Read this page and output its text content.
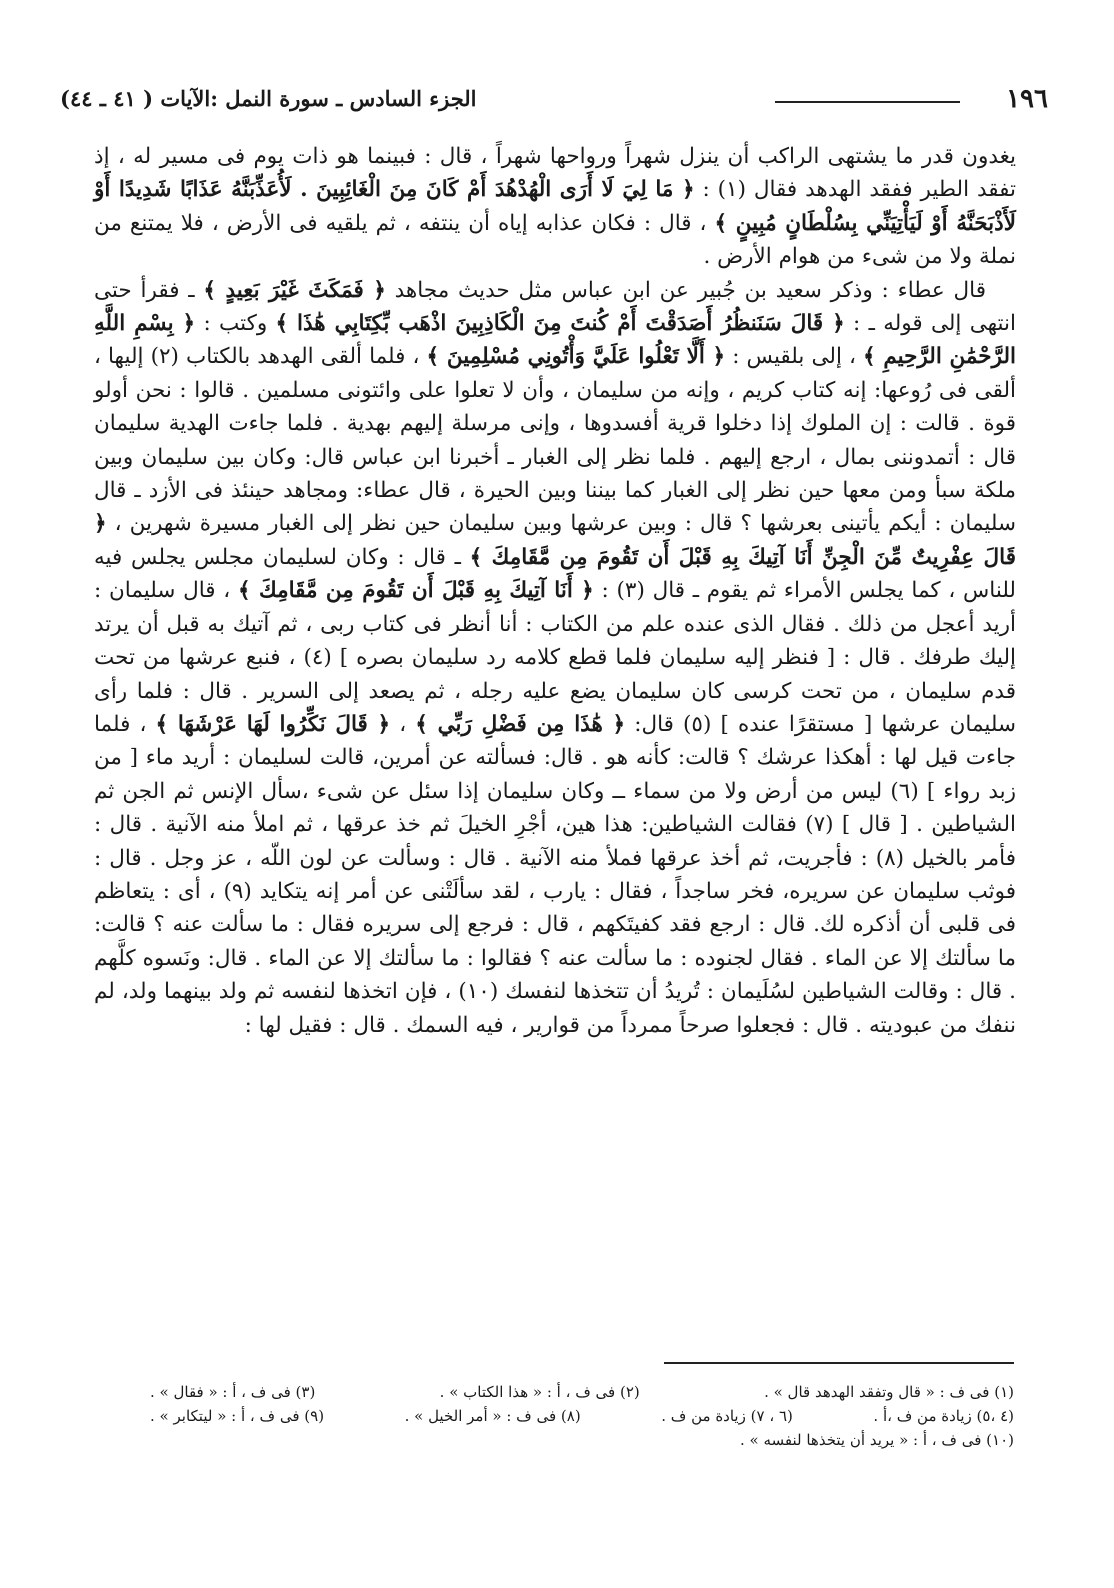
١٩٦
الجزء السادس ـ سورة النمل :الآيات ( ٤١ ـ ٤٤)

يغدون قدر ما يشتهى الراكب أن ينزل شهراً ورواحها شهراً ، قال : فبينما هو ذات يوم فى مسير له ، إذ تفقد الطير ففقد الهدهد فقال (١) : ﴿ مَا لِيَ لَا أَرَى الْهُدْهُدَ أَمْ كَانَ مِنَ الْغَائِبِينَ . لَأُعَذِّبَنَّهُ عَذَابًا شَدِيدًا أَوْ لَأَذْبَحَنَّهُ أَوْ لَيَأْتِيَنِّي بِسُلْطَانٍ مُبِينٍ ﴾ ، قال : فكان عذابه إياه أن ينتفه ، ثم يلقيه فى الأرض ، فلا يمتنع من نملة ولا من شىء من هوام الأرض .

قال عطاء : وذكر سعيد بن جُبير عن ابن عباس مثل حديث مجاهد ﴿ فَمَكَثَ غَيْرَ بَعِيدٍ ﴾ ـ فقرأ حتى انتهى إلى قوله ـ : ﴿ قَالَ سَنَنظُرُ أَصَدَقْتَ أَمْ كُنتَ مِنَ الْكَاذِبِينَ اذْهَب بِّكِتَابِي هَٰذَا ﴾ وكتب : ﴿ بِسْمِ اللَّهِ الرَّحْمَٰنِ الرَّحِيمِ ﴾ ، إلى بلقيس : ﴿ أَلَّا تَعْلُوا عَلَيَّ وَأْتُونِي مُسْلِمِينَ ﴾ ، فلما ألقى الهدهد بالكتاب (٢) إليها ، ألقى فى رُوعها: إنه كتاب كريم ، وإنه من سليمان ، وأن لا تعلوا على وائتونى مسلمين . قالوا : نحن أولو قوة . قالت : إن الملوك إذا دخلوا قرية أفسدوها ، وإنى مرسلة إليهم بهدية . فلما جاءت الهدية سليمان قال : أتمدوننى بمال ، ارجع إليهم . فلما نظر إلى الغبار ـ أخبرنا ابن عباس قال: وكان بين سليمان وبين ملكة سبأ ومن معها حين نظر إلى الغبار كما بيننا وبين الحيرة ، قال عطاء: ومجاهد حينئذ فى الأزد ـ قال سليمان : أيكم يأتينى بعرشها ؟ قال : وبين عرشها وبين سليمان حين نظر إلى الغبار مسيرة شهرين ، ﴿ قَالَ عِفْرِيتٌ مِّنَ الْجِنِّ أَنَا آتِيكَ بِهِ قَبْلَ أَن تَقُومَ مِن مَّقَامِكَ ﴾ ـ قال : وكان لسليمان مجلس يجلس فيه للناس ، كما يجلس الأمراء ثم يقوم ـ قال (٣) : ﴿ أَنَا آتِيكَ بِهِ قَبْلَ أَن تَقُومَ مِن مَّقَامِكَ ﴾ ، قال سليمان : أريد أعجل من ذلك . فقال الذى عنده علم من الكتاب : أنا أنظر فى كتاب ربى ، ثم آتيك به قبل أن يرتد إليك طرفك . قال : [ فنظر إليه سليمان فلما قطع كلامه رد سليمان بصره ] (٤) ، فنبع عرشها من تحت قدم سليمان ، من تحت كرسى كان سليمان يضع عليه رجله ، ثم يصعد إلى السرير . قال : فلما رأى سليمان عرشها [ مستقرًا عنده ] (٥) قال: ﴿ هَٰذَا مِن فَضْلِ رَبِّي ﴾ ، ﴿ قَالَ نَكِّرُوا لَهَا عَرْشَهَا ﴾ ، فلما جاءت قيل لها : أهكذا عرشك ؟ قالت: كأنه هو . قال: فسألته عن أمرين، قالت لسليمان : أريد ماء [ من زبد رواء ] (٦) ليس من أرض ولا من سماء ــ وكان سليمان إذا سئل عن شىء ،سأل الإنس ثم الجن ثم الشياطين . [ قال ] (٧) فقالت الشياطين: هذا هين، أجْرِ الخيلَ ثم خذ عرقها ، ثم املأ منه الآنية . قال : فأمر بالخيل (٨) : فأجريت، ثم أخذ عرقها فملأ منه الآنية . قال : وسألت عن لون اللّه ، عز وجل . قال : فوثب سليمان عن سريره، فخر ساجداً ، فقال : يارب ، لقد سألَتْنى عن أمر إنه يتكايد (٩) ، أى : يتعاظم فى قلبى أن أذكره لك. قال : ارجع فقد كفيتَكهم ، قال : فرجع إلى سريره فقال : ما سألت عنه ؟ قالت: ما سألتك إلا عن الماء . فقال لجنوده : ما سألت عنه ؟ فقالوا : ما سألتك إلا عن الماء . قال: ونَسوه كلَّهم . قال : وقالت الشياطين لسُلَيمان : تُريدُ أن تتخذها لنفسك (١٠) ، فإن اتخذها لنفسه ثم ولد بينهما ولد، لم ننفك من عبوديته . قال : فجعلوا صرحاً ممرداً من قوارير ، فيه السمك . قال : فقيل لها :

(١) فى ف : « قال وتفقد الهدهد قال » .
(٢) فى ف ، أ : « هذا الكتاب » .
(٣) فى ف ، أ : « فقال » .
(٤ ،٥) زيادة من ف ،أ .
(٦ ، ٧) زيادة من ف .
(٨) فى ف : « أمر الخيل » .
(٩) فى ف ، أ : « ليتكابر » .
(١٠) فى ف ، أ : « يريد أن يتخذها لنفسه » .
